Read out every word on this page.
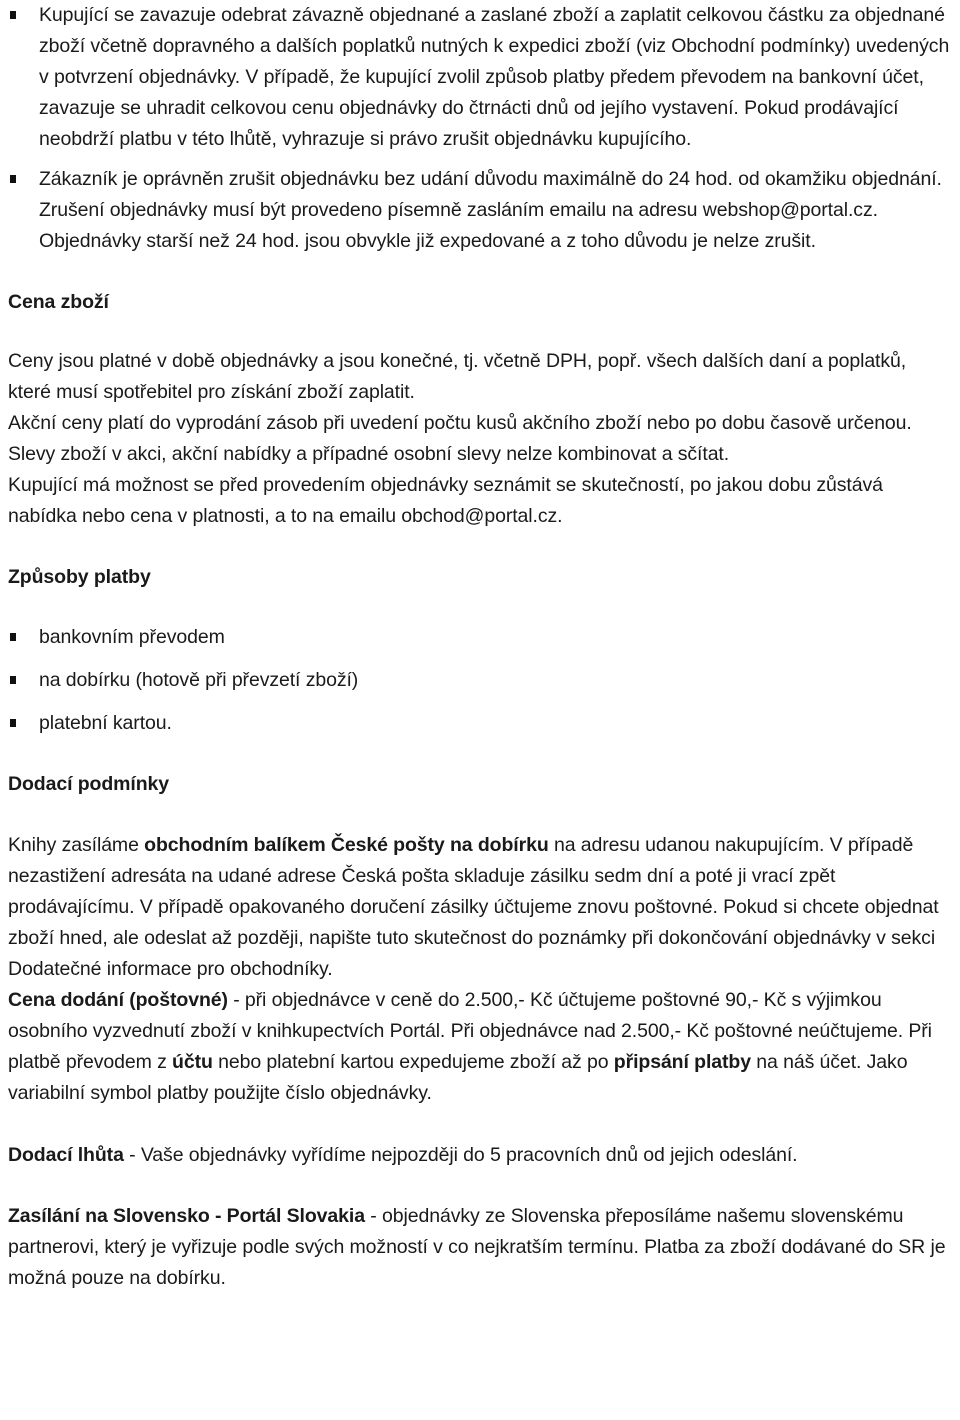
Kupující se zavazuje odebrat závazně objednané a zaslané zboží a zaplatit celkovou částku za objednané zboží včetně dopravného a dalších poplatků nutných k expedici zboží (viz Obchodní podmínky) uvedených v potvrzení objednávky. V případě, že kupující zvolil způsob platby předem převodem na bankovní účet, zavazuje se uhradit celkovou cenu objednávky do čtrnácti dnů od jejího vystavení. Pokud prodávající neobdrží platbu v této lhůtě, vyhrazuje si právo zrušit objednávku kupujícího.
Zákazník je oprávněn zrušit objednávku bez udání důvodu maximálně do 24 hod. od okamžiku objednání. Zrušení objednávky musí být provedeno písemně zasláním emailu na adresu webshop@portal.cz. Objednávky starší než 24 hod. jsou obvykle již expedované a z toho důvodu je nelze zrušit.
Cena zboží

Ceny jsou platné v době objednávky a jsou konečné, tj. včetně DPH, popř. všech dalších daní a poplatků, které musí spotřebitel pro získání zboží zaplatit.

Akční ceny platí do vyprodání zásob při uvedení počtu kusů akčního zboží nebo po dobu časově určenou. Slevy zboží v akci, akční nabídky a případné osobní slevy nelze kombinovat a sčítat.

Kupující má možnost se před provedením objednávky seznámit se skutečností, po jakou dobu zůstává nabídka nebo cena v platnosti, a to na emailu obchod@portal.cz.

Způsoby platby
bankovním převodem
na dobírku (hotově při převzetí zboží)
platební kartou.
Dodací podmínky

Knihy zasíláme obchodním balíkem České pošty na dobírku na adresu udanou nakupujícím. V případě nezastižení adresáta na udané adrese Česká pošta skladuje zásilku sedm dní a poté ji vrací zpět prodávajícímu. V případě opakovaného doručení zásilky účtujeme znovu poštovné. Pokud si chcete objednat zboží hned, ale odeslat až později, napište tuto skutečnost do poznámky při dokončování objednávky v sekci Dodatečné informace pro obchodníky.

Cena dodání (poštovné) - při objednávce v ceně do 2.500,- Kč účtujeme poštovné 90,- Kč s výjimkou osobního vyzvednutí zboží v knihkupectvích Portál. Při objednávce nad 2.500,- Kč poštovné neúčtujeme. Při platbě převodem z účtu nebo platební kartou expedujeme zboží až po připsání platby na náš účet. Jako variabilní symbol platby použijte číslo objednávky.

Dodací lhůta - Vaše objednávky vyřídíme nejpozději do 5 pracovních dnů od jejich odeslání.

Zasílání na Slovensko - Portál Slovakia - objednávky ze Slovenska přeposíláme našemu slovenskému partnerovi, který je vyřizuje podle svých možností v co nejkratším termínu. Platba za zboží dodávané do SR je možná pouze na dobírku.
